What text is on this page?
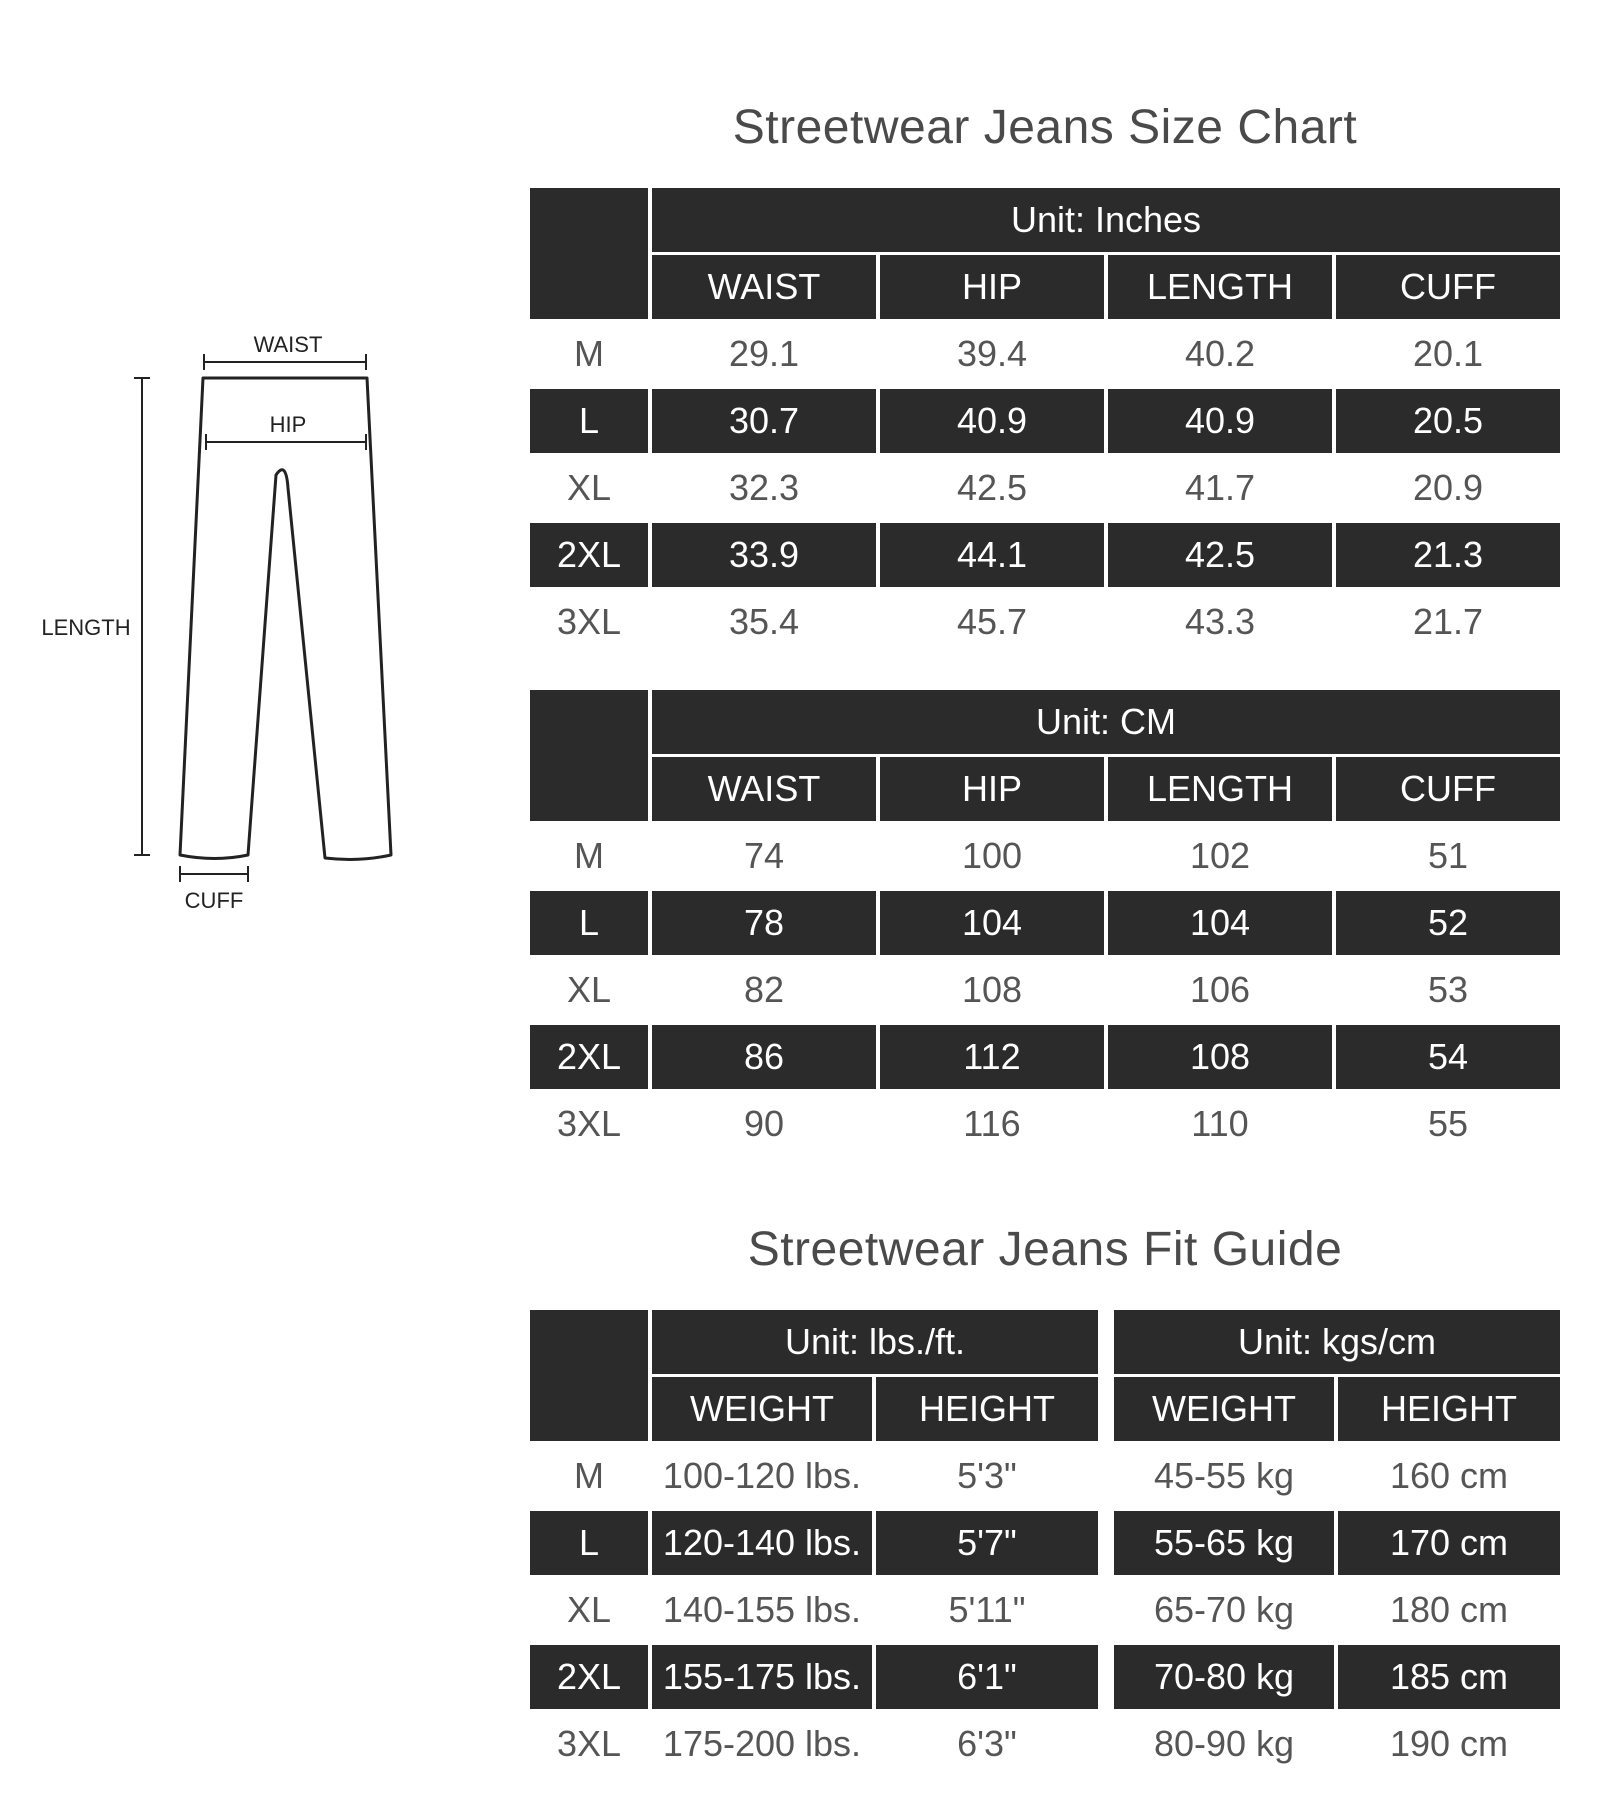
WAIST
HIP
LENGTH
CUFF
Streetwear Jeans Size Chart
Unit: Inches
WAIST	HIP	LENGTH	CUFF
M	29.1	39.4	40.2	20.1
L	30.7	40.9	40.9	20.5
XL	32.3	42.5	41.7	20.9
2XL	33.9	44.1	42.5	21.3
3XL	35.4	45.7	43.3	21.7
Unit: CM
WAIST	HIP	LENGTH	CUFF
M	74	100	102	51
L	78	104	104	52
XL	82	108	106	53
2XL	86	112	108	54
3XL	90	116	110	55
Streetwear Jeans Fit Guide
Unit: lbs./ft.	Unit: kgs/cm
WEIGHT	HEIGHT	WEIGHT	HEIGHT
M	100-120 lbs.	5'3"	45-55 kg	160 cm
L	120-140 lbs.	5'7"	55-65 kg	170 cm
XL	140-155 lbs.	5'11"	65-70 kg	180 cm
2XL	155-175 lbs.	6'1"	70-80 kg	185 cm
3XL	175-200 lbs.	6'3"	80-90 kg	190 cm
